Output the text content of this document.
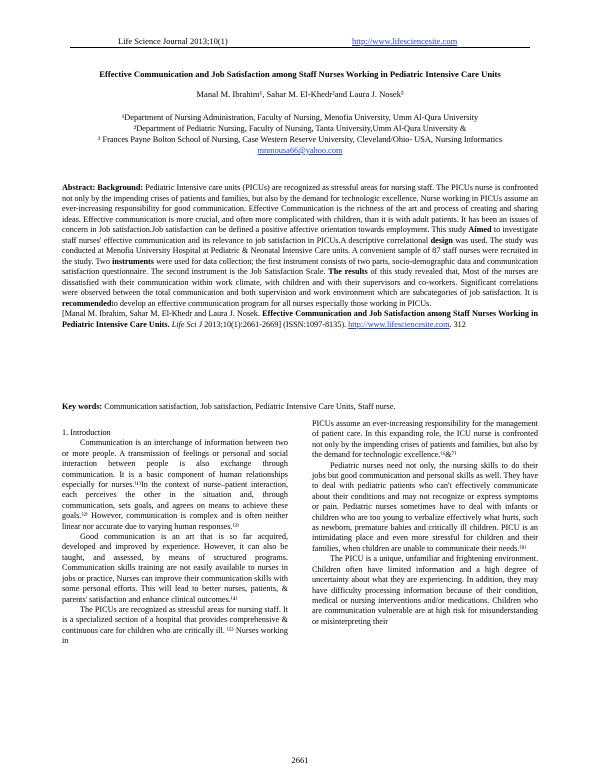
Life Science Journal 2013;10(1)	http://www.lifesciencesite.com
Effective Communication and Job Satisfaction among Staff Nurses Working in Pediatric Intensive Care Units
Manal M. Ibrahim¹, Sahar M. El-Khedr²and Laura J. Nosek³
¹Department of Nursing Administration, Faculty of Nursing, Menofia University, Umm Al-Qura University
²Department of Pediatric Nursing, Faculty of Nursing, Tanta University,Umm Al-Qura University &
³ Frances Payne Bolton School of Nursing, Case Western Reserve University, Cleveland/Ohio- USA, Nursing Informatics
mnmousa66@yahoo.com

Abstract: Background: Pediatric Intensive care units (PICUs) are recognized as stressful areas for nursing staff. The PICUs nurse is confronted not only by the impending crises of patients and families, but also by the demand for technologic excellence. Nurse working in PICUs assume an ever-increasing responsibility for good communication. Effective Communication is the richness of the art and process of creating and sharing ideas. Effective communication is more crucial, and often more complicated with children, than it is with adult patients. It has been an issues of concern in Job satisfaction.Job satisfaction can be defined a positive affective orientation towards employment. This study Aimed to investigate staff nurses' effective communication and its relevance to job satisfaction in PICUs.A descriptive correlational design was used. The study was conducted at Menofia University Hospital at Pediatric & Neonatal Intensive Care units. A convenient sample of 87 staff nurses were recruited in the study. Two instruments were used for data collection; the first instrument consists of two parts, socio-demographic data and communication satisfaction questionnaire. The second instrument is the Job Satisfaction Scale. The results of this study revealed that, Most of the nurses are dissatisfied with their communication within work climate, with children and with their supervisors and co-workers. Significant correlations were observed between the total communication and both supervision and work environment which are subcategories of job satisfaction. It is recommendedto develop an effective communication program for all nurses especially those working in PICUs.

[Manal M. Ibrahim, Sahar M. El-Khedr and Laura J. Nosek. Effective Communication and Job Satisfaction among Staff Nurses Working in Pediatric Intensive Care Units. Life Sci J 2013;10(1):2661-2669] (ISSN:1097-8135). http://www.lifesciencesite.com. 312

Key words: Communication satisfaction, Job satisfaction, Pediatric Intensive Care Units, Staff nurse.

1. Introduction

Communication is an interchange of information between two or more people. A transmission of feelings or personal and social interaction between people is also exchange through communication. It is a basic component of human relationships especially for nurses.⁽¹⁾In the context of nurse–patient interaction, each perceives the other in the situation and, through communication, sets goals, and agrees on means to achieve these goals.⁽²⁾ However, communication is complex and is often neither linear nor accurate due to varying human responses.⁽³⁾

Good communication is an art that is so far acquired, developed and improved by experience. However, it can also be taught, and assessed, by means of structured programs. Communication skills training are not easily available to nurses in jobs or practice, Nurses can improve their communication skills with some personal efforts. This will lead to better nurses, patients, & parents' satisfaction and enhance clinical outcomes.⁽⁴⁾

The PICUs are recognized as stressful areas for nursing staff. It is a specialized section of a hospital that provides comprehensive & continuous care for children who are critically ill. ⁽⁵⁾ Nurses working in

PICUs assume an ever-increasing responsibility for the management of patient care. In this expanding role, the ICU nurse is confronted not only by the impending crises of patients and families, but also by the demand for technologic excellence.⁽⁶&⁷⁾

Pediatric nurses need not only, the nursing skills to do their jobs but good communication and personal skills as well. They have to deal with pediatric patients who can't effectively communicate about their conditions and may not recognize or express symptoms or pain. Pediatric nurses sometimes have to deal with infants or children who are too young to verbalize effectively what hurts, such as newborn, premature babies and critically ill children. PICU is an intimidating place and even more stressful for children and their families, when children are unable to communicate their needs.⁽⁸⁾

The PICU is a unique, unfamiliar and frightening environment. Children often have limited information and a high degree of uncertainty about what they are experiencing. In addition, they may have difficulty processing information because of their condition, medical or nursing interventions and/or medications. Children who are communication vulnerable are at high risk for misunderstanding or misinterpreting their

2661
